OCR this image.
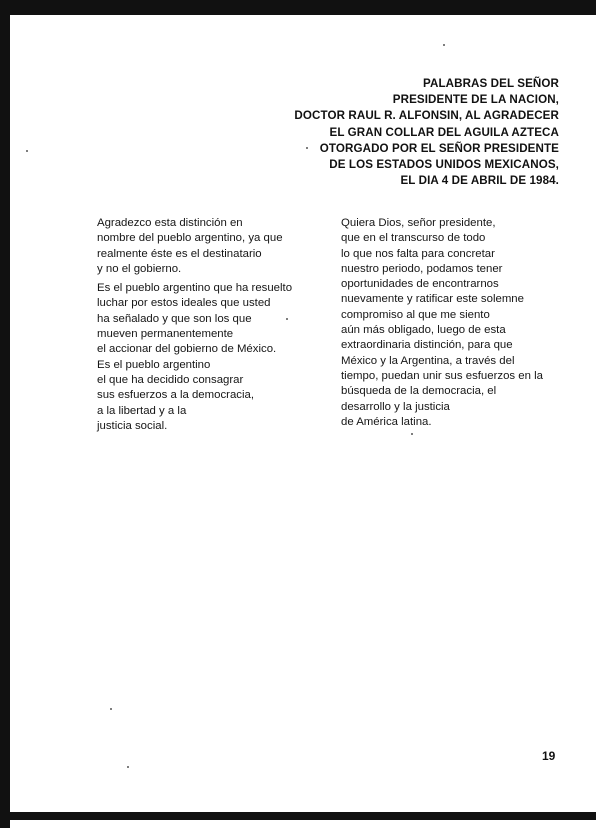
PALABRAS DEL SEÑOR
PRESIDENTE DE LA NACION,
DOCTOR RAUL R. ALFONSIN, AL AGRADECER
EL GRAN COLLAR DEL AGUILA AZTECA
OTORGADO POR EL SEÑOR PRESIDENTE
DE LOS ESTADOS UNIDOS MEXICANOS,
EL DIA 4 DE ABRIL DE 1984.
Agradezco esta distinción en
nombre del pueblo argentino, ya que
realmente éste es el destinatario
y no el gobierno.
Es el pueblo argentino que ha resuelto
luchar por estos ideales que usted
ha señalado y que son los que
mueven permanentemente
el accionar del gobierno de México.
Es el pueblo argentino
el que ha decidido consagrar
sus esfuerzos a la democracia,
a la libertad y a la
justicia social.
Quiera Dios, señor presidente,
que en el transcurso de todo
lo que nos falta para concretar
nuestro periodo, podamos tener
oportunidades de encontrarnos
nuevamente y ratificar este solemne
compromiso al que me siento
aún más obligado, luego de esta
extraordinaria distinción, para que
México y la Argentina, a través del
tiempo, puedan unir sus esfuerzos en la
búsqueda de la democracia, el
desarrollo y la justicia
de América latina.
19
